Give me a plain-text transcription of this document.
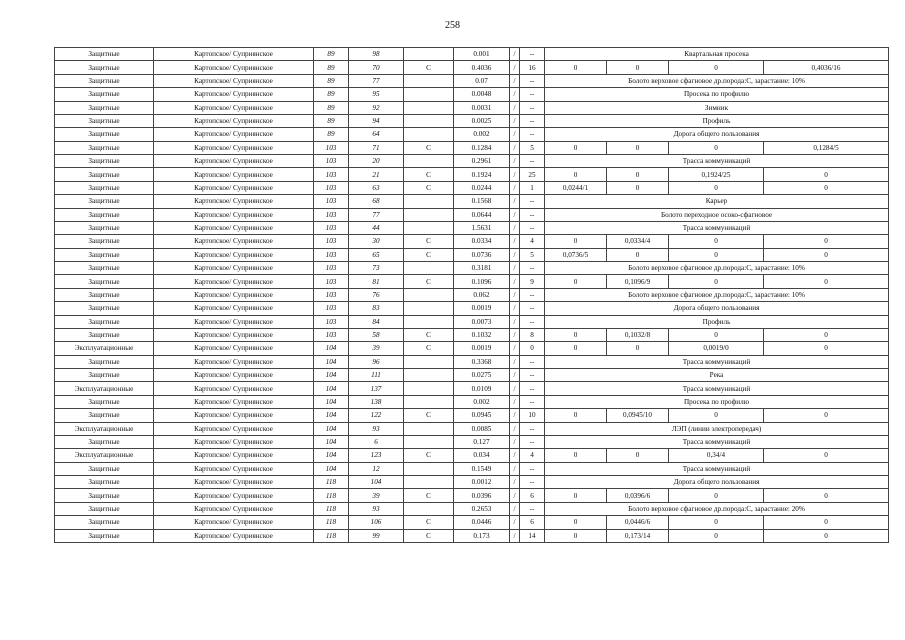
258
Защитные	Картопское/ Суприянское	89	98		0.001	/	--	Квартальная просека			
Защитные	Картопское/ Суприянское	89	70	С	0.4036	/	16	0	0	0	0,4036/16
Защитные	Картопское/ Суприянское	89	77		0.07	/	--	Болото верховое сфагновое др.порода:С, зарастание: 10%			
Защитные	Картопское/ Суприянское	89	95		0.0048	/	--	Просека по профилю			
Защитные	Картопское/ Суприянское	89	92		0.0031	/	--	Зимник			
Защитные	Картопское/ Суприянское	89	94		0.0025	/	--	Профиль			
Защитные	Картопское/ Суприянское	89	64		0.002	/	--	Дорога общего пользования			
Защитные	Картопское/ Суприянское	103	71	С	0.1284	/	5	0	0	0	0,1284/5
Защитные	Картопское/ Суприянское	103	20		0.2961	/	--	Трасса коммуникаций			
Защитные	Картопское/ Суприянское	103	21	С	0.1924	/	25	0	0	0,1924/25	0
Защитные	Картопское/ Суприянское	103	63	С	0.0244	/	1	0,0244/1	0	0	0
Защитные	Картопское/ Суприянское	103	68		0.1568	/	--	Карьер			
Защитные	Картопское/ Суприянское	103	77		0.0644	/	--	Болото переходное осоко-сфагновое			
Защитные	Картопское/ Суприянское	103	44		1.5631	/	--	Трасса коммуникаций			
Защитные	Картопское/ Суприянское	103	30	С	0.0334	/	4	0	0,0334/4	0	0
Защитные	Картопское/ Суприянское	103	65	С	0.0736	/	5	0,0736/5	0	0	0
Защитные	Картопское/ Суприянское	103	73		0.3181	/	--	Болото верховое сфагновое др.порода:С, зарастание: 10%			
Защитные	Картопское/ Суприянское	103	81	С	0.1096	/	9	0	0,1096/9	0	0
Защитные	Картопское/ Суприянское	103	76		0.062	/	--	Болото верховое сфагновое др.порода:С, зарастание: 10%			
Защитные	Картопское/ Суприянское	103	83		0.0019	/	--	Дорога общего пользования			
Защитные	Картопское/ Суприянское	103	84		0.0073	/	--	Профиль			
Защитные	Картопское/ Суприянское	103	58	С	0.1032	/	8	0	0,1032/8	0	0
Эксплуатационные	Картопское/ Суприянское	104	39	С	0.0019	/	0	0	0	0,0019/0	0
Защитные	Картопское/ Суприянское	104	96		0.3368	/	--	Трасса коммуникаций			
Защитные	Картопское/ Суприянское	104	111		0.0275	/	--	Река			
Эксплуатационные	Картопское/ Суприянское	104	137		0.0109	/	--	Трасса коммуникаций			
Защитные	Картопское/ Суприянское	104	138		0.002	/	--	Просека по профилю			
Защитные	Картопское/ Суприянское	104	122	С	0.0945	/	10	0	0,0945/10	0	0
Эксплуатационные	Картопское/ Суприянское	104	93		0.0085	/	--	ЛЭП (линии электропередач)			
Защитные	Картопское/ Суприянское	104	6		0.127	/	--	Трасса коммуникаций			
Эксплуатационные	Картопское/ Суприянское	104	123	С	0.034	/	4	0	0	0,34/4	0
Защитные	Картопское/ Суприянское	104	12		0.1549	/	--	Трасса коммуникаций			
Защитные	Картопское/ Суприянское	118	104		0.0012	/	--	Дорога общего пользования			
Защитные	Картопское/ Суприянское	118	39	С	0.0396	/	6	0	0,0396/6	0	0
Защитные	Картопское/ Суприянское	118	93		0.2653	/	--	Болото верховое сфагновое др.порода:С, зарастание: 20%			
Защитные	Картопское/ Суприянское	118	106	С	0.0446	/	6	0	0,0446/6	0	0
Защитные	Картопское/ Суприянское	118	99	С	0.173	/	14	0	0,173/14	0	0
